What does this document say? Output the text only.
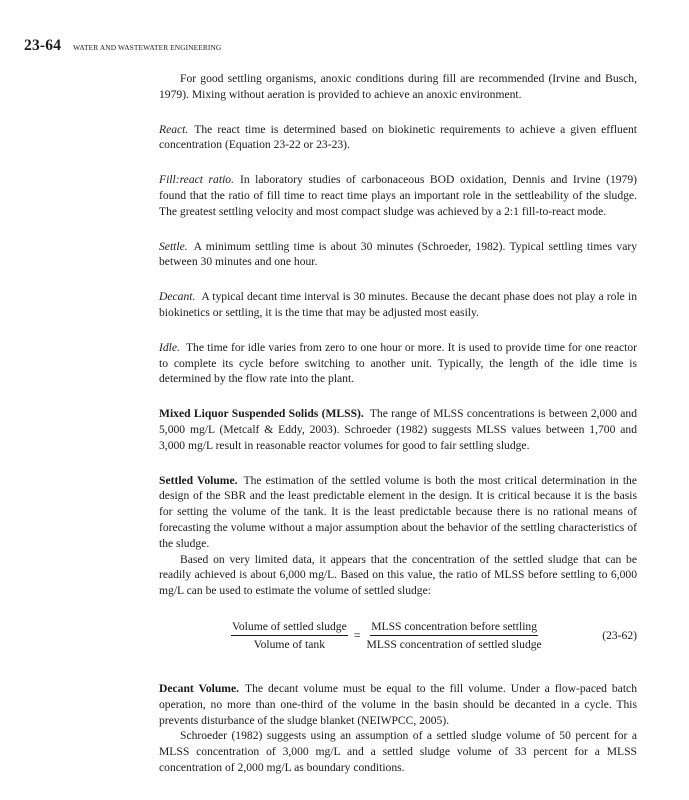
23-64 WATER AND WASTEWATER ENGINEERING

For good settling organisms, anoxic conditions during fill are recommended (Irvine and Busch, 1979). Mixing without aeration is provided to achieve an anoxic environment.

React. The react time is determined based on biokinetic requirements to achieve a given effluent concentration (Equation 23-22 or 23-23).

Fill:react ratio. In laboratory studies of carbonaceous BOD oxidation, Dennis and Irvine (1979) found that the ratio of fill time to react time plays an important role in the settleability of the sludge. The greatest settling velocity and most compact sludge was achieved by a 2:1 fill-to-react mode.

Settle. A minimum settling time is about 30 minutes (Schroeder, 1982). Typical settling times vary between 30 minutes and one hour.

Decant. A typical decant time interval is 30 minutes. Because the decant phase does not play a role in biokinetics or settling, it is the time that may be adjusted most easily.

Idle. The time for idle varies from zero to one hour or more. It is used to provide time for one reactor to complete its cycle before switching to another unit. Typically, the length of the idle time is determined by the flow rate into the plant.

Mixed Liquor Suspended Solids (MLSS). The range of MLSS concentrations is between 2,000 and 5,000 mg/L (Metcalf & Eddy, 2003). Schroeder (1982) suggests MLSS values between 1,700 and 3,000 mg/L result in reasonable reactor volumes for good to fair settling sludge.

Settled Volume. The estimation of the settled volume is both the most critical determination in the design of the SBR and the least predictable element in the design. It is critical because it is the basis for setting the volume of the tank. It is the least predictable because there is no rational means of forecasting the volume without a major assumption about the behavior of the settling characteristics of the sludge.

Based on very limited data, it appears that the concentration of the settled sludge that can be readily achieved is about 6,000 mg/L. Based on this value, the ratio of MLSS before settling to 6,000 mg/L can be used to estimate the volume of settled sludge:

$\frac{\text{Volume of settled sludge}}{\text{Volume of tank}} = \frac{\text{MLSS concentration before settling}}{\text{MLSS concentration of settled sludge}}$	(23-62)

Decant Volume. The decant volume must be equal to the fill volume. Under a flow-paced batch operation, no more than one-third of the volume in the basin should be decanted in a cycle. This prevents disturbance of the sludge blanket (NEIWPCC, 2005).

Schroeder (1982) suggests using an assumption of a settled sludge volume of 50 percent for a MLSS concentration of 3,000 mg/L and a settled sludge volume of 33 percent for a MLSS concentration of 2,000 mg/L as boundary conditions.
